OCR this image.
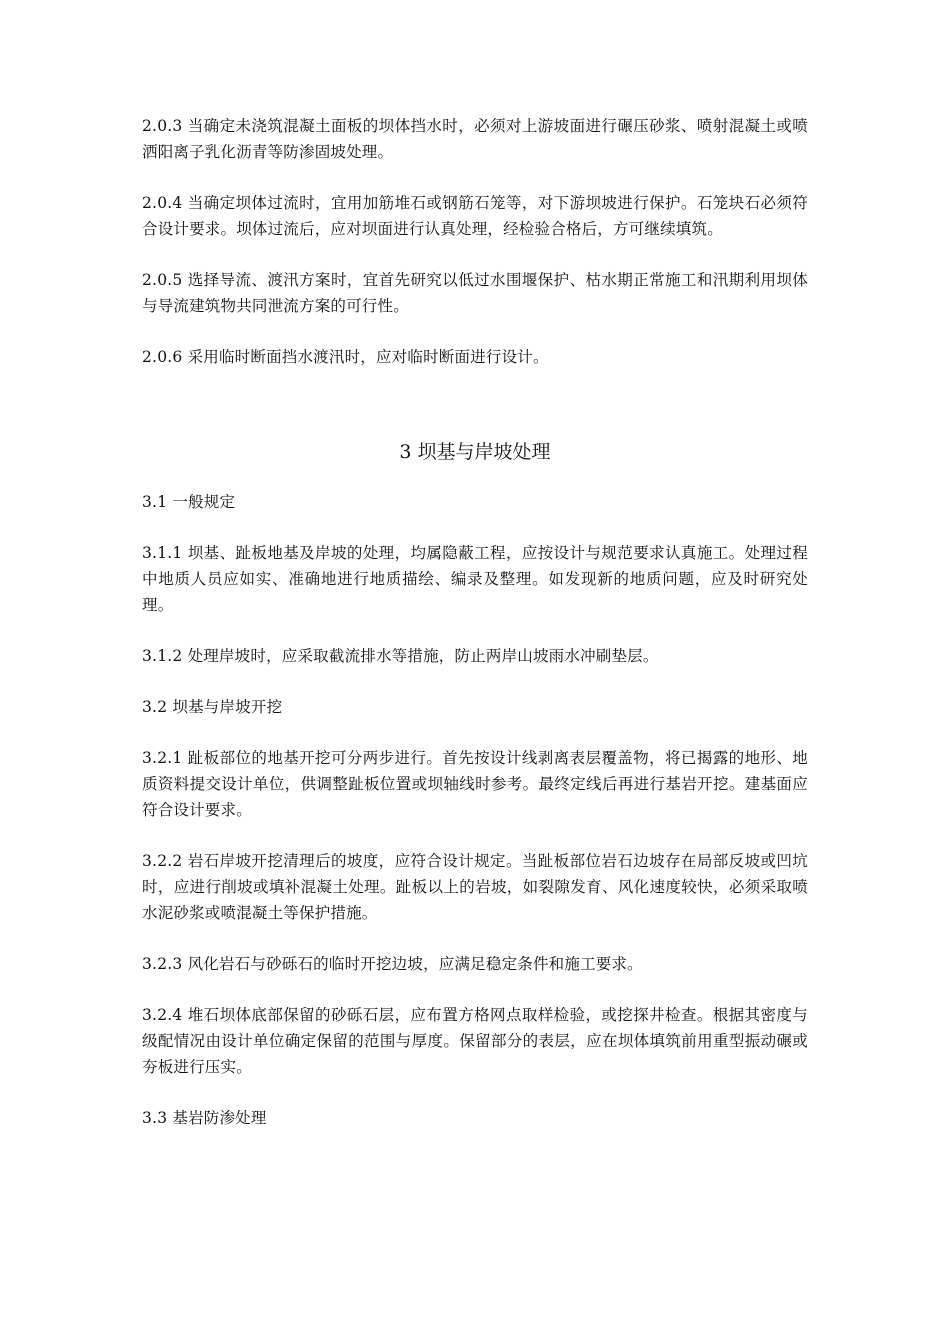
2.0.3 当确定未浇筑混凝土面板的坝体挡水时，必须对上游坡面进行碾压砂浆、喷射混凝土或喷洒阳离子乳化沥青等防渗固坡处理。

2.0.4 当确定坝体过流时，宜用加筋堆石或钢筋石笼等，对下游坝坡进行保护。石笼块石必须符合设计要求。坝体过流后，应对坝面进行认真处理，经检验合格后，方可继续填筑。

2.0.5 选择导流、渡汛方案时，宜首先研究以低过水围堰保护、枯水期正常施工和汛期利用坝体与导流建筑物共同泄流方案的可行性。

2.0.6 采用临时断面挡水渡汛时，应对临时断面进行设计。

3 坝基与岸坡处理

3.1 一般规定

3.1.1 坝基、趾板地基及岸坡的处理，均属隐蔽工程，应按设计与规范要求认真施工。处理过程中地质人员应如实、准确地进行地质描绘、编录及整理。如发现新的地质问题，应及时研究处理。

3.1.2 处理岸坡时，应采取截流排水等措施，防止两岸山坡雨水冲刷垫层。

3.2 坝基与岸坡开挖

3.2.1 趾板部位的地基开挖可分两步进行。首先按设计线剥离表层覆盖物，将已揭露的地形、地质资料提交设计单位，供调整趾板位置或坝轴线时参考。最终定线后再进行基岩开挖。建基面应符合设计要求。

3.2.2 岩石岸坡开挖清理后的坡度，应符合设计规定。当趾板部位岩石边坡存在局部反坡或凹坑时，应进行削坡或填补混凝土处理。趾板以上的岩坡，如裂隙发育、风化速度较快，必须采取喷水泥砂浆或喷混凝土等保护措施。

3.2.3 风化岩石与砂砾石的临时开挖边坡，应满足稳定条件和施工要求。

3.2.4 堆石坝体底部保留的砂砾石层，应布置方格网点取样检验，或挖探井检查。根据其密度与级配情况由设计单位确定保留的范围与厚度。保留部分的表层，应在坝体填筑前用重型振动碾或夯板进行压实。

3.3 基岩防渗处理
